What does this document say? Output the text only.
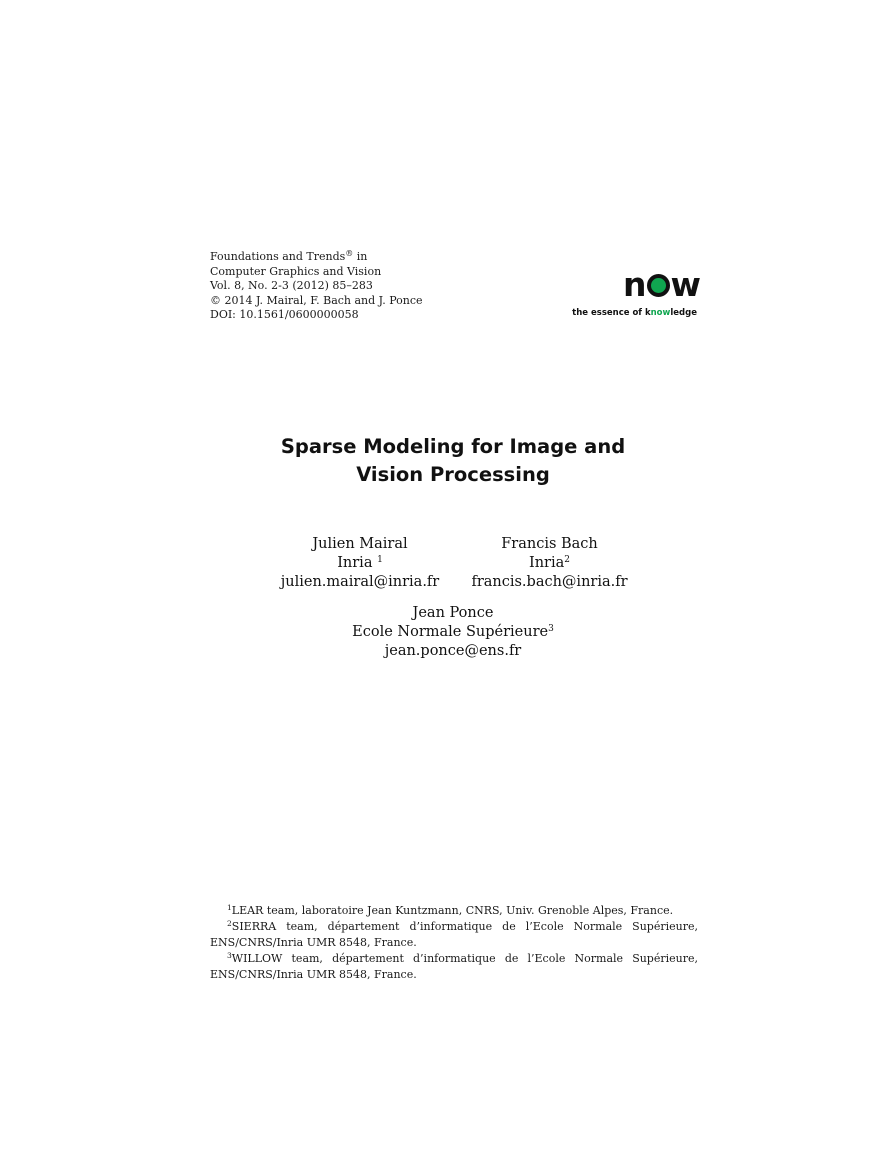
Foundations and Trends® in
Computer Graphics and Vision
Vol. 8, No. 2-3 (2012) 85–283
© 2014 J. Mairal, F. Bach and J. Ponce
DOI: 10.1561/0600000058
n w
the essence of knowledge
Sparse Modeling for Image and
Vision Processing
Julien Mairal
Inria $^1$
julien.mairal@inria.fr
Francis Bach
Inria$^2$
francis.bach@inria.fr
Jean Ponce
Ecole Normale Supérieure$^3$
jean.ponce@ens.fr

$^1$LEAR team, laboratoire Jean Kuntzmann, CNRS, Univ. Grenoble Alpes, France.

$^2$SIERRA team, département d’informatique de l’Ecole Normale Supérieure, ENS/CNRS/Inria UMR 8548, France.

$^3$WILLOW team, département d’informatique de l’Ecole Normale Supérieure, ENS/CNRS/Inria UMR 8548, France.
